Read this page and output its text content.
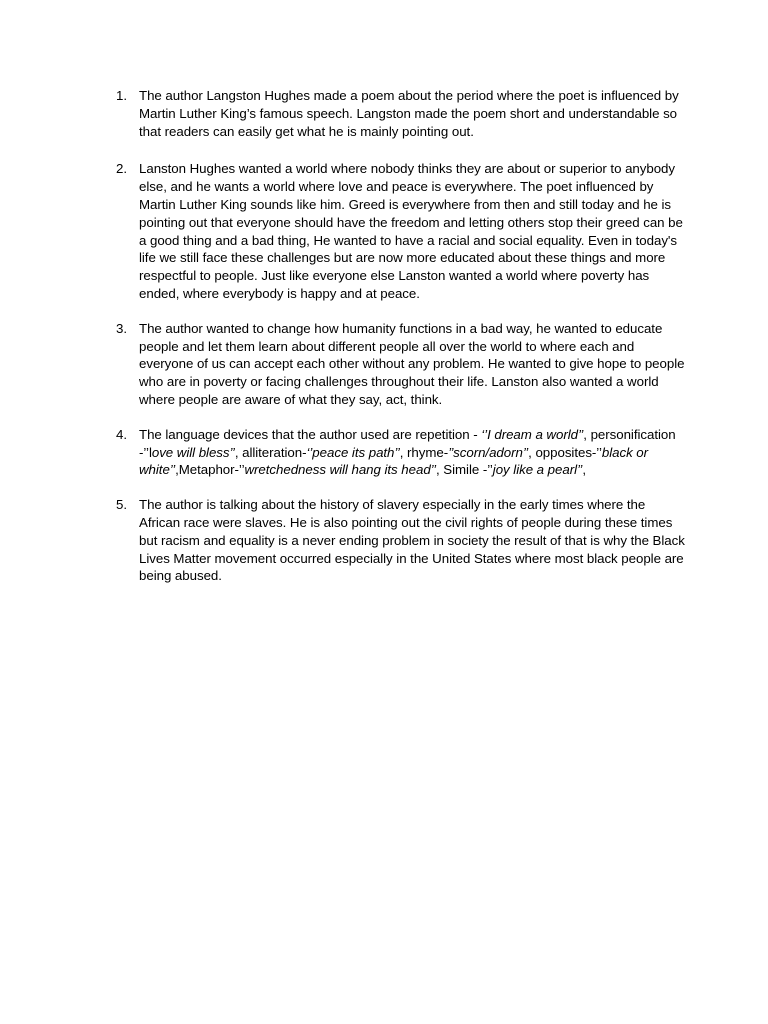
1. The author Langston Hughes made a poem about the period where the poet is influenced by Martin Luther King’s famous speech. Langston made the poem short and understandable so that readers can easily get what he is mainly pointing out.
2. Lanston Hughes wanted a world where nobody thinks they are about or superior to anybody else, and he wants a world where love and peace is everywhere. The poet influenced by Martin Luther King sounds like him. Greed is everywhere from then and still today and he is pointing out that everyone should have the freedom and letting others stop their greed can be a good thing and a bad thing, He wanted to have a racial and social equality. Even in today's life we still face these challenges but are now more educated about these things and more respectful to people. Just like everyone else Lanston wanted a world where poverty has ended, where everybody is happy and at peace.
3. The author wanted to change how humanity functions in a bad way, he wanted to educate people and let them learn about different people all over the world to where each and everyone of us can accept each other without any problem. He wanted to give hope to people who are in poverty or facing challenges throughout their life. Lanston also wanted a world where people are aware of what they say, act, think.
4. The language devices that the author used are repetition - ‘’I dream a world’’, personification -’’love will bless’’, alliteration-‘’peace its path’’, rhyme-’’scorn/adorn’’, opposites-’’black or white’’,Metaphor-’’wretchedness will hang its head’’, Simile -’’joy like a pearl’’,
5. The author is talking about the history of slavery especially in the early times where the African race were slaves. He is also pointing out the civil rights of people during these times but racism and equality is a never ending problem in society the result of that is why the Black Lives Matter movement occurred especially in the United States where most black people are being abused.
